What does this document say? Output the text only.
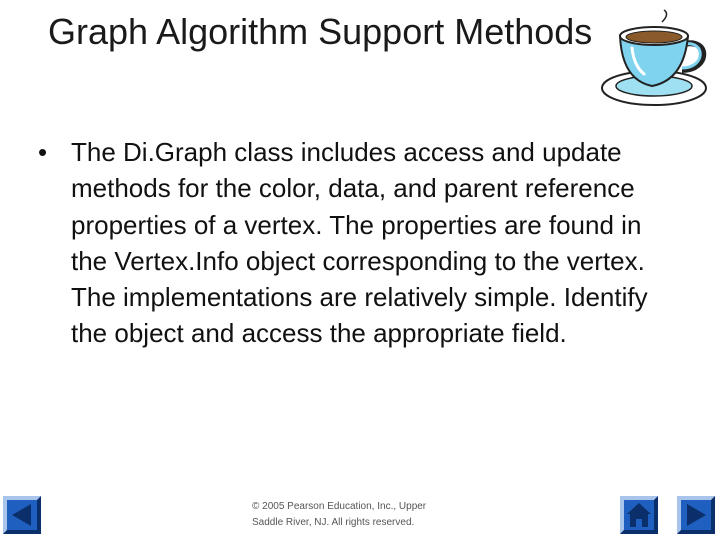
Graph Algorithm Support Methods
• The Di.Graph class includes access and update methods for the color, data, and parent reference properties of a vertex. The properties are found in the Vertex.Info object corresponding to the vertex. The implementations are relatively simple. Identify the object and access the appropriate field.
© 2005 Pearson Education, Inc., Upper
Saddle River, NJ. All rights reserved.
